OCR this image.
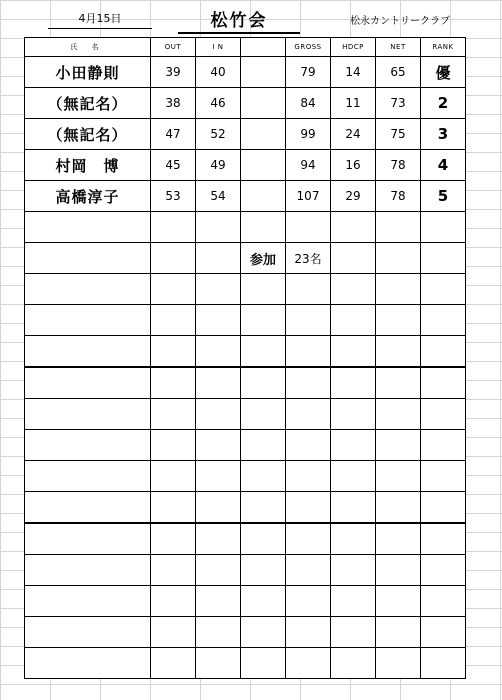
4月15日	松竹会	松永カントリークラブ
氏 名	OUT	I N		GROSS	HDCP	NET	RANK
小田静則	39	40		79	14	65	優
（無記名）	38	46		84	11	73	2
（無記名）	47	52		99	24	75	3
村岡　博	45	49		94	16	78	4
高橋淳子	53	54		107	29	78	5

			参加	23名			
